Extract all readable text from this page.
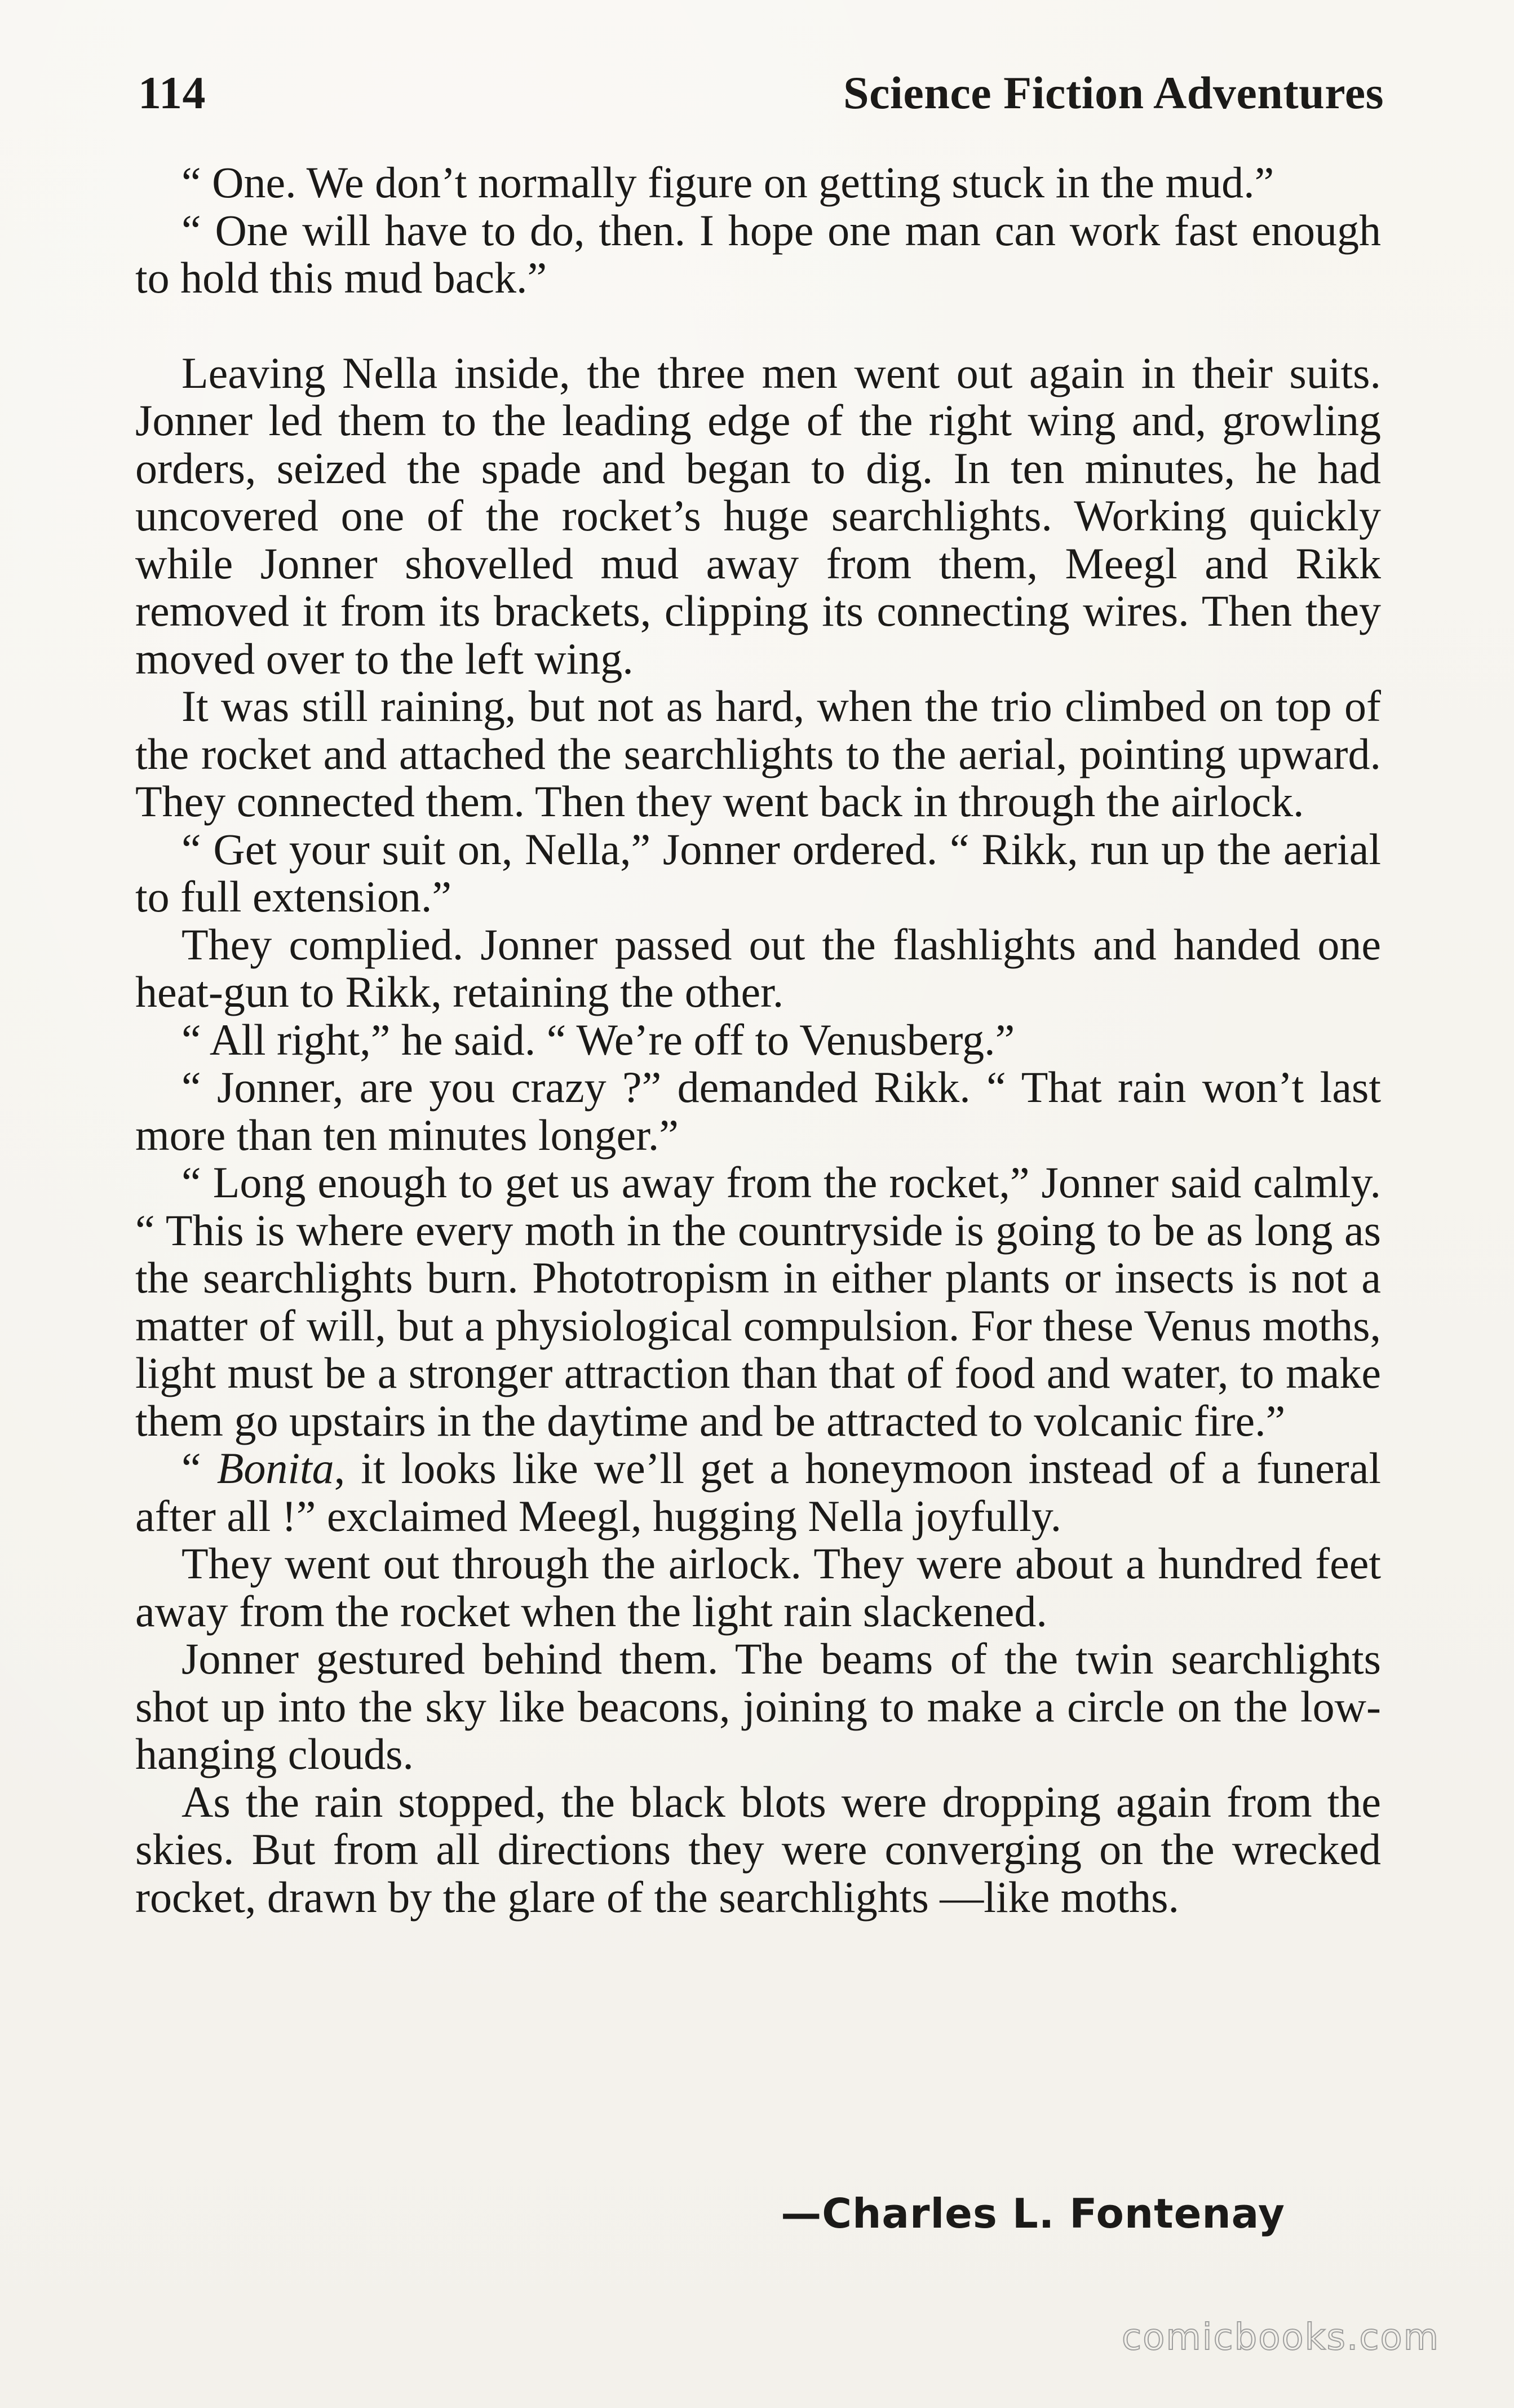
114	Science Fiction Adventures

“ One. We don’t normally figure on getting stuck in the mud.”

“ One will have to do, then. I hope one man can work fast enough to hold this mud back.”

Leaving Nella inside, the three men went out again in their suits. Jonner led them to the leading edge of the right wing and, growling orders, seized the spade and began to dig. In ten minutes, he had uncovered one of the rocket’s huge searchlights. Working quickly while Jonner shovelled mud away from them, Meegl and Rikk removed it from its brackets, clipping its connecting wires. Then they moved over to the left wing.

It was still raining, but not as hard, when the trio climbed on top of the rocket and attached the searchlights to the aerial, pointing upward. They connected them. Then they went back in through the airlock.

“ Get your suit on, Nella,” Jonner ordered. “ Rikk, run up the aerial to full extension.”

They complied. Jonner passed out the flashlights and handed one heat-gun to Rikk, retaining the other.

“ All right,” he said. “ We’re off to Venusberg.”

“ Jonner, are you crazy ?” demanded Rikk. “ That rain won’t last more than ten minutes longer.”

“ Long enough to get us away from the rocket,” Jonner said calmly. “ This is where every moth in the countryside is going to be as long as the searchlights burn. Phototropism in either plants or insects is not a matter of will, but a physiological compulsion. For these Venus moths, light must be a stronger attraction than that of food and water, to make them go upstairs in the daytime and be attracted to volcanic fire.”

“ Bonita, it looks like we’ll get a honeymoon instead of a funeral after all !” exclaimed Meegl, hugging Nella joyfully.

They went out through the airlock. They were about a hundred feet away from the rocket when the light rain slackened.

Jonner gestured behind them. The beams of the twin searchlights shot up into the sky like beacons, joining to make a circle on the low-hanging clouds.

As the rain stopped, the black blots were dropping again from the skies. But from all directions they were converging on the wrecked rocket, drawn by the glare of the searchlights —like moths.

—Charles L. Fontenay
comicbooks.com
